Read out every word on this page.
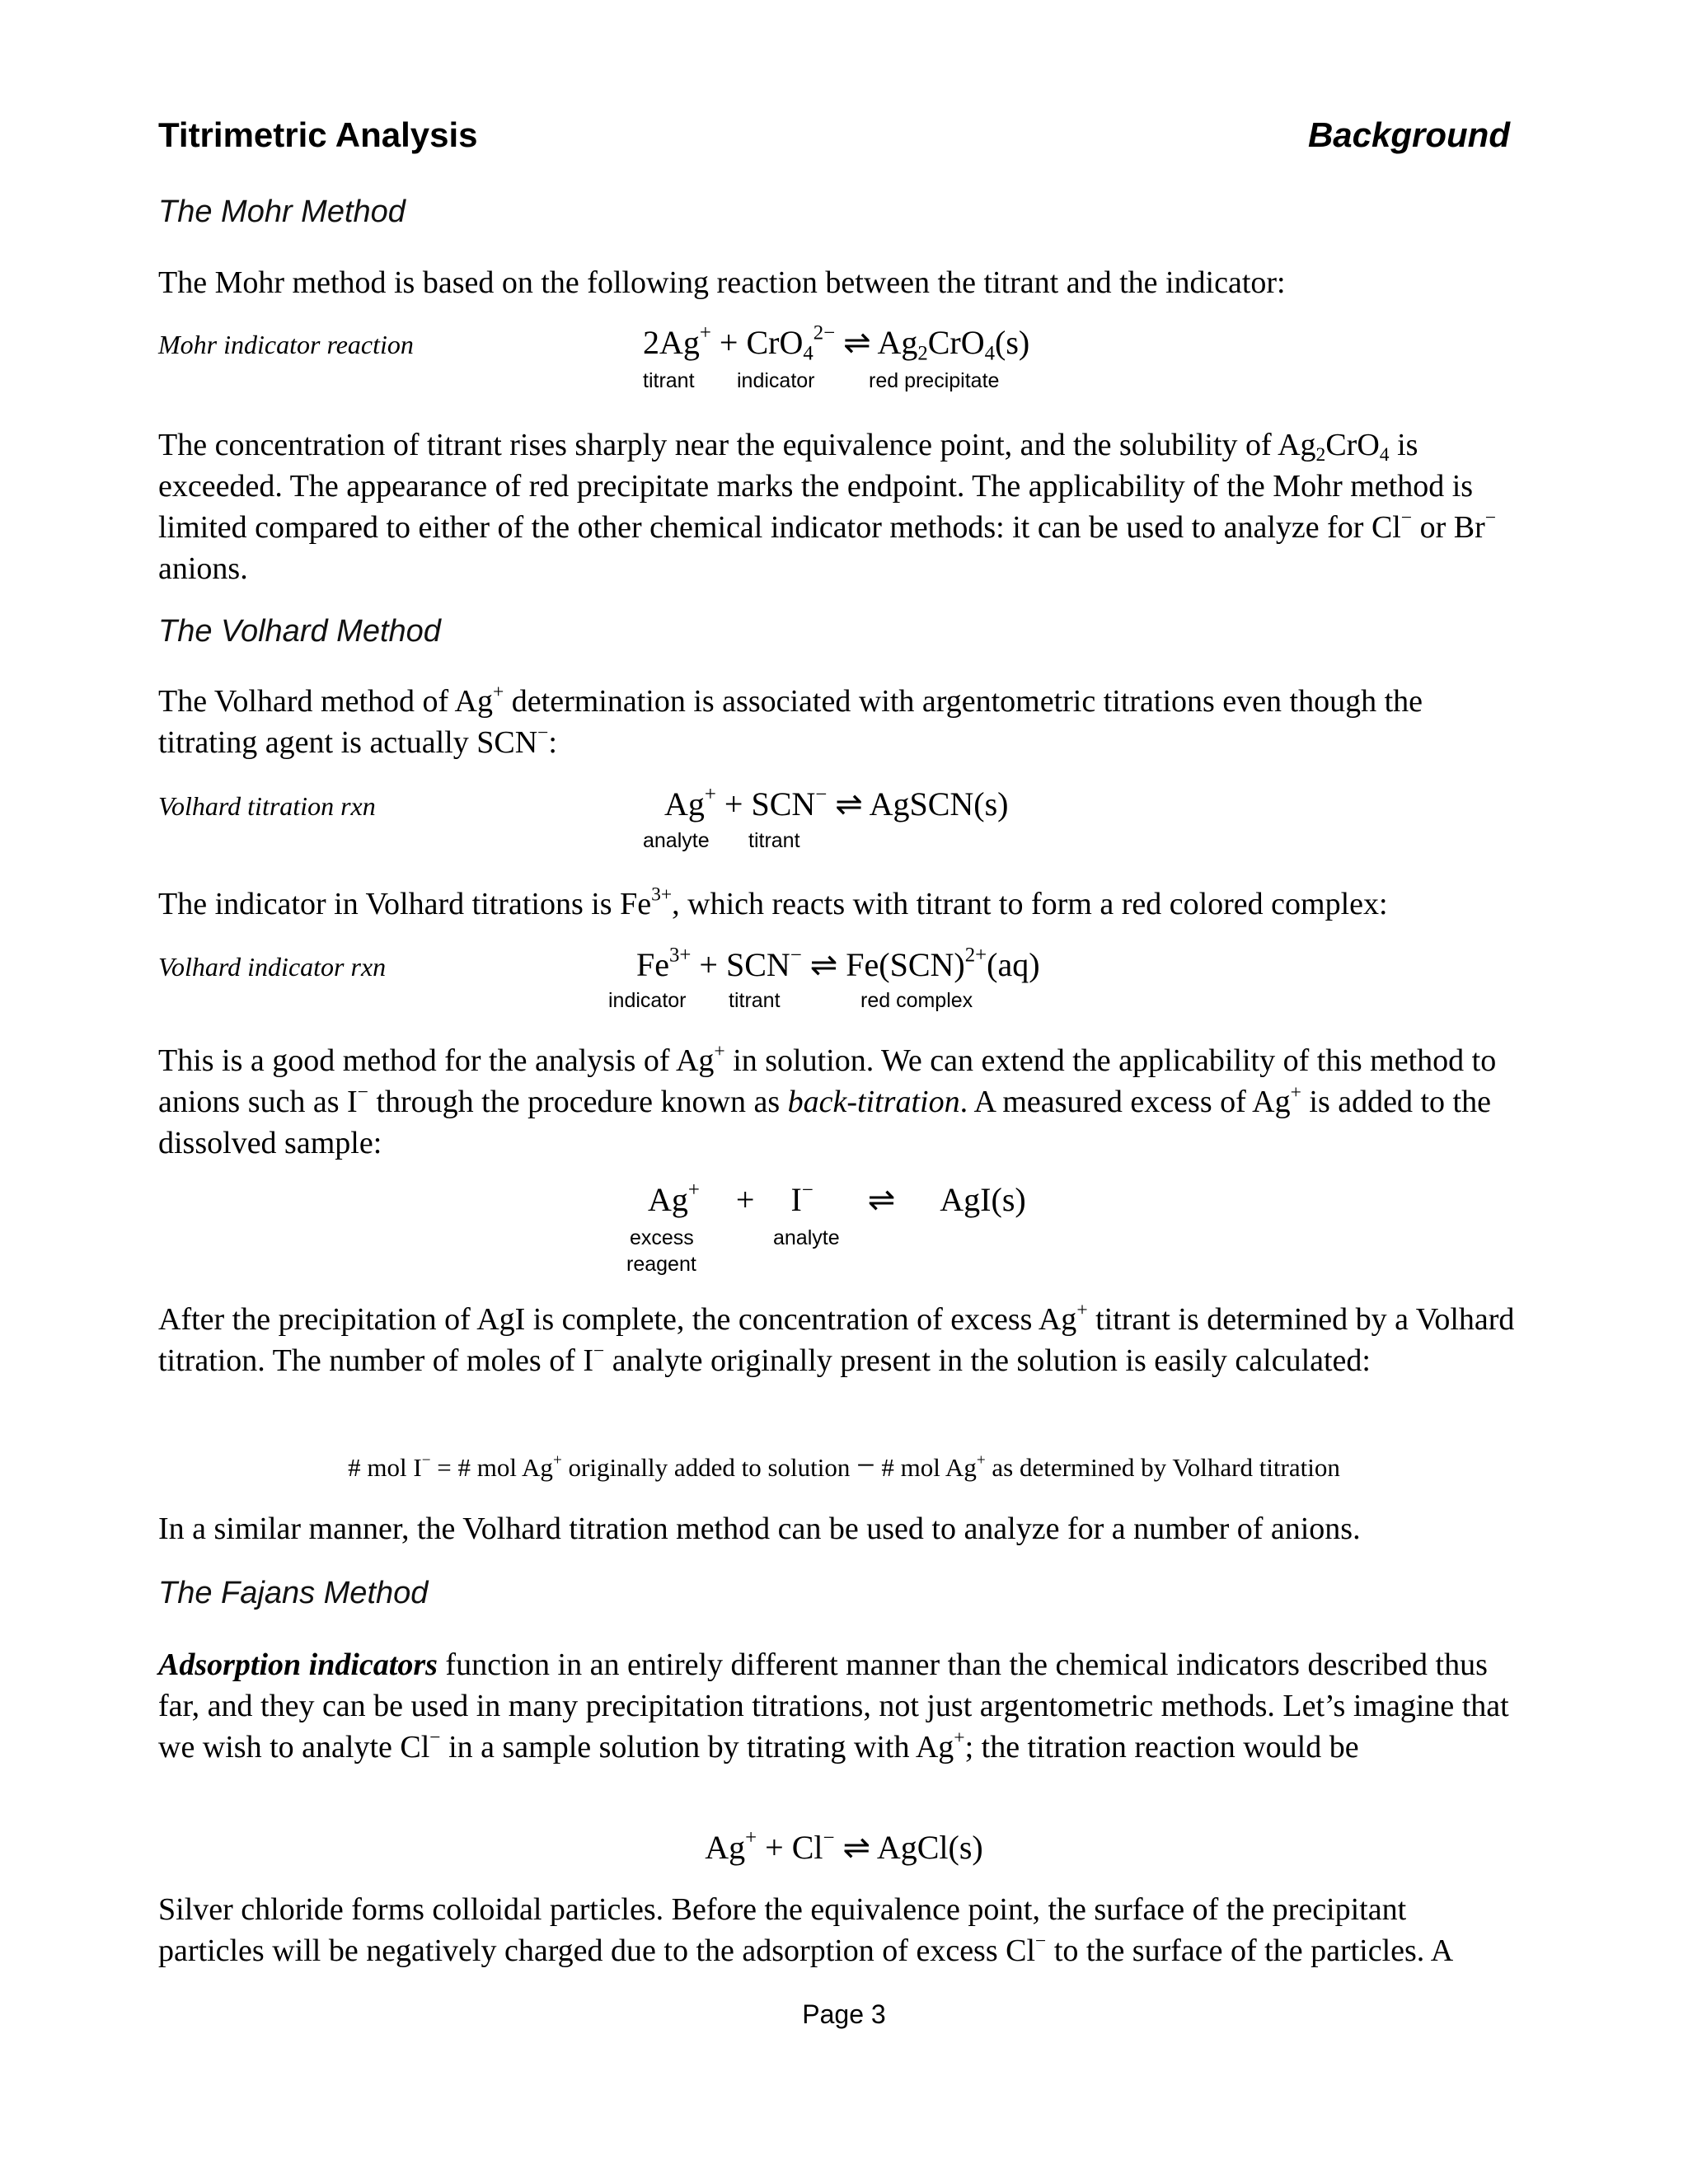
Titrimetric Analysis	Background
The Mohr Method
The Mohr method is based on the following reaction between the titrant and the indicator:
Mohr indicator reaction	2Ag+ + CrO$_4^{2-}$ ⇌ $Ag_2CrO_4(s)$
titrant indicator	red precipitate
The concentration of titrant rises sharply near the equivalence point, and the solubility of $Ag_2CrO_4$ is exceeded. The appearance of red precipitate marks the endpoint. The applicability of the Mohr method is limited compared to either of the other chemical indicator methods: it can be used to analyze for Cl− or Br− anions.
The Volhard Method
The Volhard method of Ag+ determination is associated with argentometric titrations even though the titrating agent is actually SCN−:
Volhard titration rxn	Ag+ + SCN− ⇌ AgSCN(s)
analyte titrant
The indicator in Volhard titrations is $Fe^{3+}$, which reacts with titrant to form a red colored complex:
Volhard indicator rxn	$Fe^{3+} + SCN^-$ ⇌ Fe(SCN)$^{2+}$(aq)
indicator titrant	red complex
This is a good method for the analysis of Ag+ in solution. We can extend the applicability of this method to anions such as I− through the procedure known as back-titration. A measured excess of Ag+ is added to the dissolved sample:
Ag+ + I− ⇌ AgI(s)
excess
reagent
analyte
After the precipitation of AgI is complete, the concentration of excess Ag+ titrant is determined by a Volhard titration. The number of moles of I− analyte originally present in the solution is easily calculated:
# mol I− = # mol Ag+ originally added to solution − # mol Ag+ as determined by Volhard titration
In a similar manner, the Volhard titration method can be used to analyze for a number of anions.
The Fajans Method
Adsorption indicators function in an entirely different manner than the chemical indicators described thus far, and they can be used in many precipitation titrations, not just argentometric methods. Let’s imagine that we wish to analyte Cl− in a sample solution by titrating with Ag+; the titration reaction would be
Ag+ + Cl− ⇌ AgCl(s)
Silver chloride forms colloidal particles. Before the equivalence point, the surface of the precipitant particles will be negatively charged due to the adsorption of excess Cl− to the surface of the particles. A
Page 3
